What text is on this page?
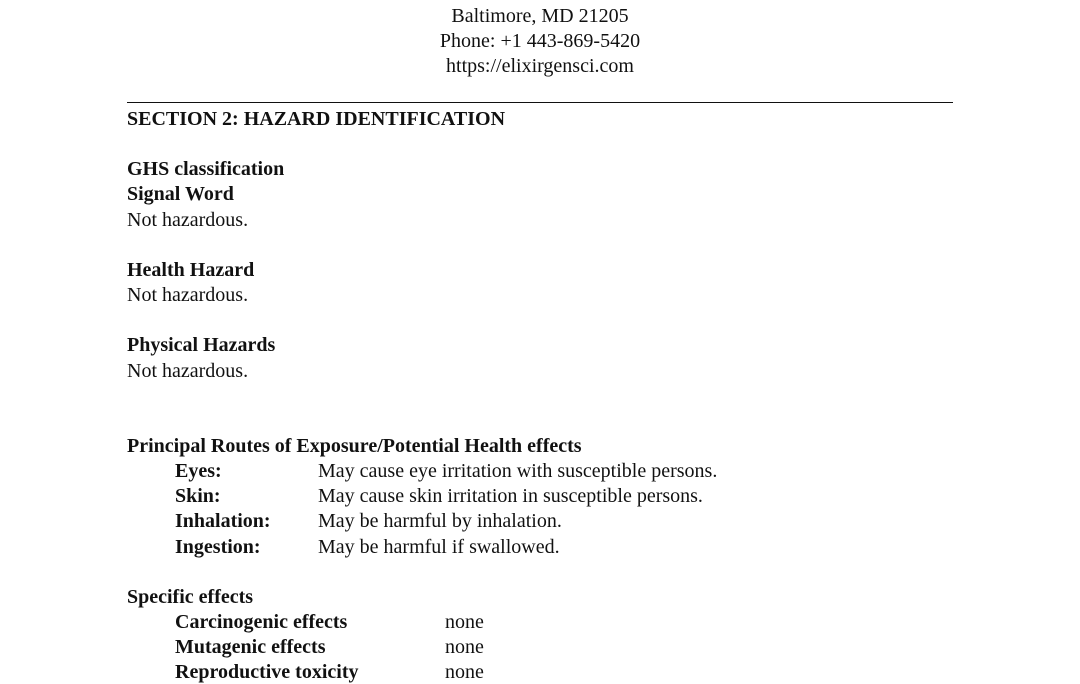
Baltimore, MD 21205
Phone: +1 443-869-5420
https://elixirgensci.com
SECTION 2: HAZARD IDENTIFICATION
GHS classification
Signal Word
Not hazardous.
Health Hazard
Not hazardous.
Physical Hazards
Not hazardous.
Principal Routes of Exposure/Potential Health effects
Eyes:	May cause eye irritation with susceptible persons.
Skin:	May cause skin irritation in susceptible persons.
Inhalation: May be harmful by inhalation.
Ingestion:	May be harmful if swallowed.
Specific effects
Carcinogenic effects	none
Mutagenic effects	none
Reproductive toxicity	none
